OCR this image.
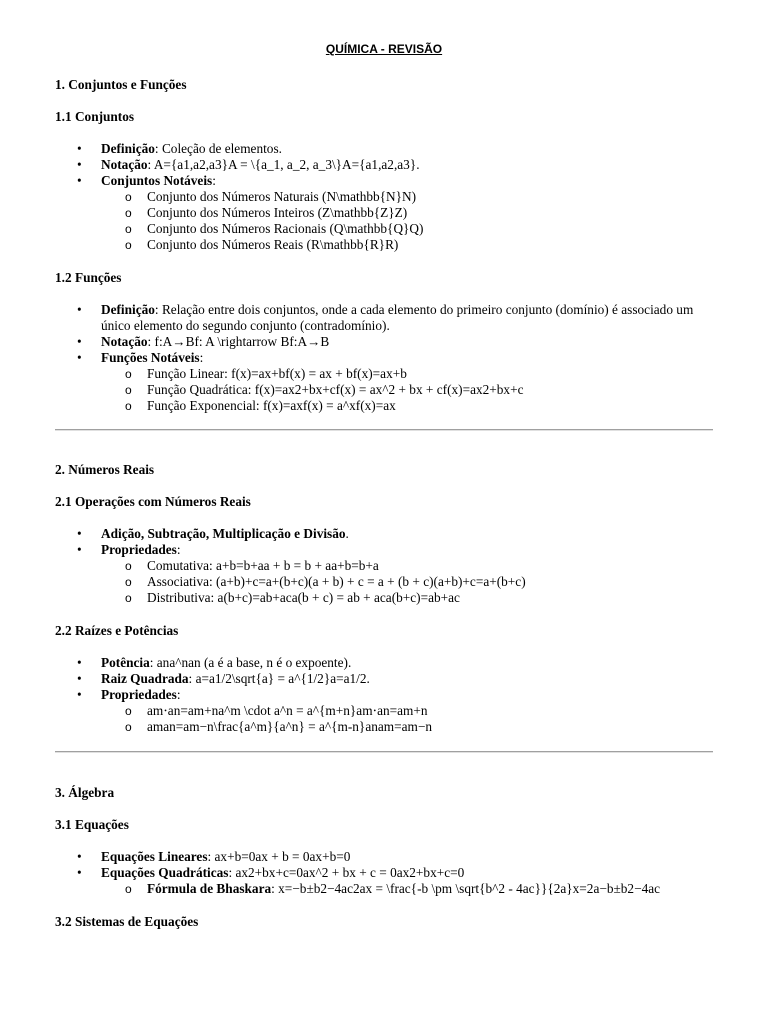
QUÍMICA - REVISÃO

1. Conjuntos e Funções

1.1 Conjuntos

• Definição: Coleção de elementos.
• Notação: A={a1,a2,a3}A = \{a_1, a_2, a_3\}A={a1,a2,a3}.
• Conjuntos Notáveis:
o Conjunto dos Números Naturais (N\mathbb{N}N)
o Conjunto dos Números Inteiros (Z\mathbb{Z}Z)
o Conjunto dos Números Racionais (Q\mathbb{Q}Q)
o Conjunto dos Números Reais (R\mathbb{R}R)

1.2 Funções

• Definição: Relação entre dois conjuntos, onde a cada elemento do primeiro conjunto (domínio) é associado um único elemento do segundo conjunto (contradomínio).
• Notação: f:A→Bf: A \rightarrow Bf:A→B
• Funções Notáveis:
o Função Linear: f(x)=ax+bf(x) = ax + bf(x)=ax+b
o Função Quadrática: f(x)=ax2+bx+cf(x) = ax^2 + bx + cf(x)=ax2+bx+c
o Função Exponencial: f(x)=axf(x) = a^xf(x)=ax

2. Números Reais

2.1 Operações com Números Reais

• Adição, Subtração, Multiplicação e Divisão.
• Propriedades:
o Comutativa: a+b=b+aa + b = b + aa+b=b+a
o Associativa: (a+b)+c=a+(b+c)(a + b) + c = a + (b + c)(a+b)+c=a+(b+c)
o Distributiva: a(b+c)=ab+aca(b + c) = ab + aca(b+c)=ab+ac

2.2 Raízes e Potências

• Potência: ana^nan (a é a base, n é o expoente).
• Raiz Quadrada: a=a1/2\sqrt{a} = a^{1/2}a=a1/2.
• Propriedades:
o am⋅an=am+na^m \cdot a^n = a^{m+n}am⋅an=am+n
o aman=am−n\frac{a^m}{a^n} = a^{m-n}anam=am−n

3. Álgebra

3.1 Equações

• Equações Lineares: ax+b=0ax + b = 0ax+b=0
• Equações Quadráticas: ax2+bx+c=0ax^2 + bx + c = 0ax2+bx+c=0
o Fórmula de Bhaskara: x=−b±b2−4ac2ax = \frac{-b \pm \sqrt{b^2 - 4ac}}{2a}x=2a−b±b2−4ac

3.2 Sistemas de Equações
